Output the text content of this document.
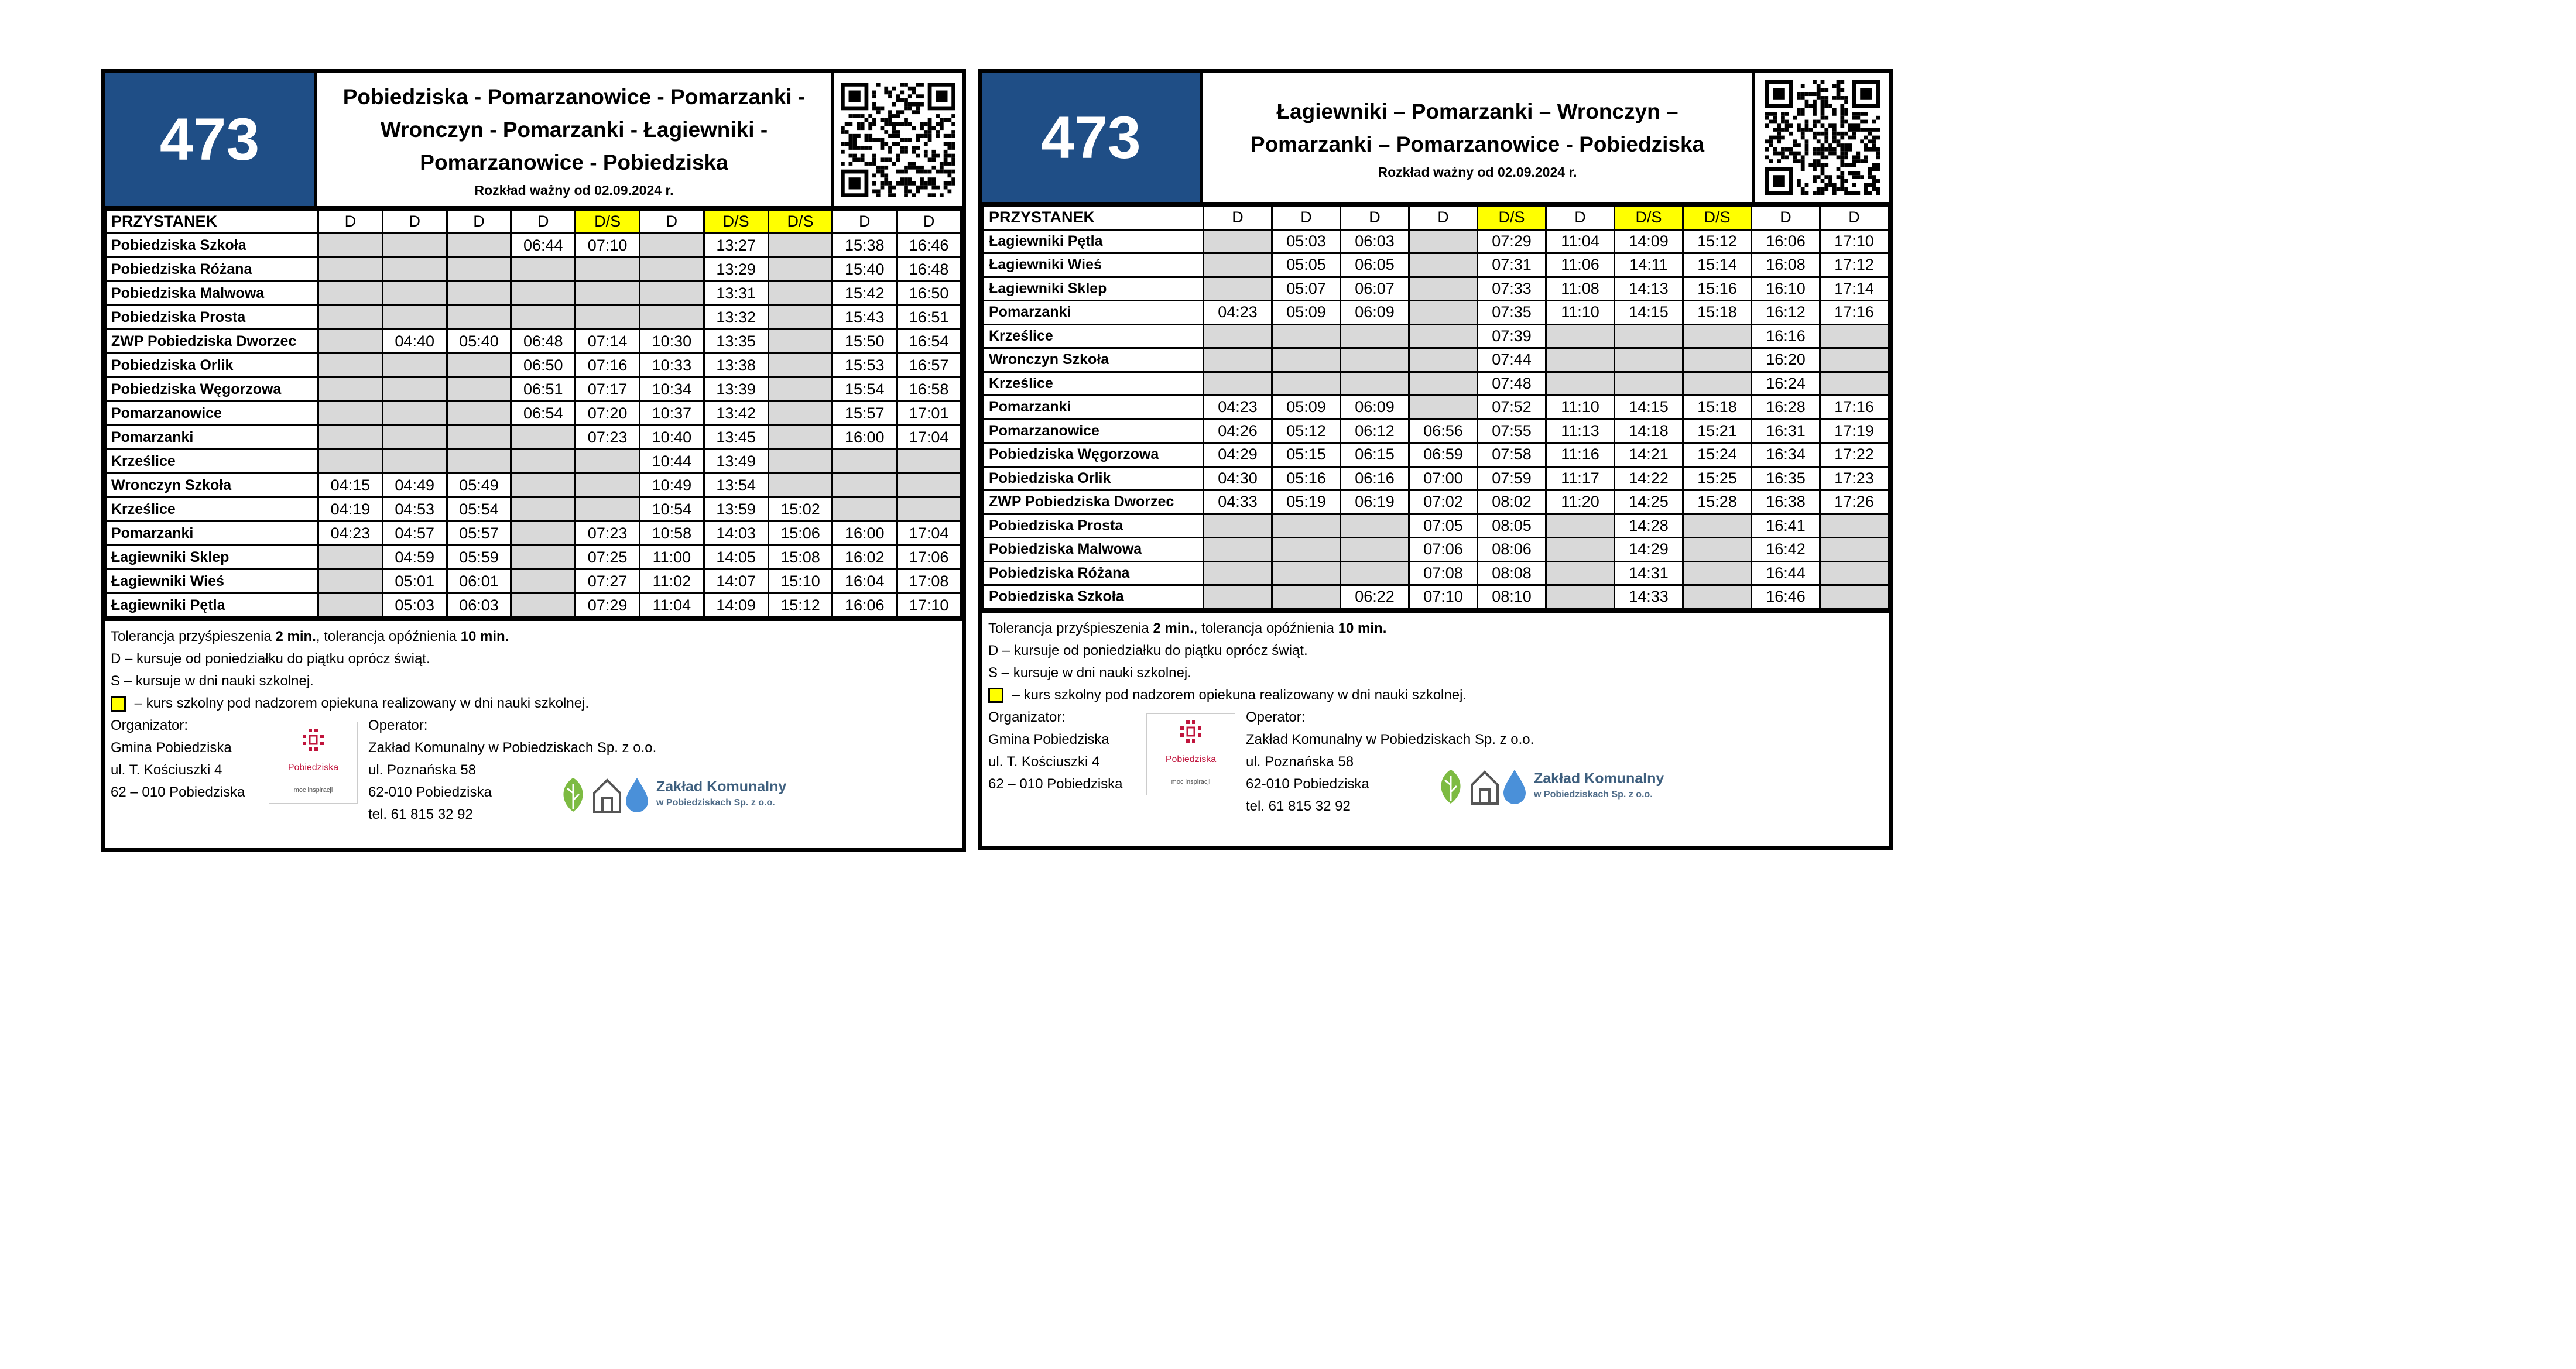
473
Pobiedziska - Pomarzanowice - Pomarzanki -
Wronczyn - Pomarzanki - Łagiewniki -
Pomarzanowice - Pobiedziska
Rozkład ważny od 02.09.2024 r.
PRZYSTANEK	D	D	D	D	D/S	D	D/S	D/S	D	D
Pobiedziska Szkoła				06:44	07:10		13:27		15:38	16:46
Pobiedziska Różana							13:29		15:40	16:48
Pobiedziska Malwowa							13:31		15:42	16:50
Pobiedziska Prosta							13:32		15:43	16:51
ZWP Pobiedziska Dworzec		04:40	05:40	06:48	07:14	10:30	13:35		15:50	16:54
Pobiedziska Orlik				06:50	07:16	10:33	13:38		15:53	16:57
Pobiedziska Węgorzowa				06:51	07:17	10:34	13:39		15:54	16:58
Pomarzanowice				06:54	07:20	10:37	13:42		15:57	17:01
Pomarzanki					07:23	10:40	13:45		16:00	17:04
Krześlice						10:44	13:49			
Wronczyn Szkoła	04:15	04:49	05:49			10:49	13:54			
Krześlice	04:19	04:53	05:54			10:54	13:59	15:02		
Pomarzanki	04:23	04:57	05:57		07:23	10:58	14:03	15:06	16:00	17:04
Łagiewniki Sklep		04:59	05:59		07:25	11:00	14:05	15:08	16:02	17:06
Łagiewniki Wieś		05:01	06:01		07:27	11:02	14:07	15:10	16:04	17:08
Łagiewniki Pętla		05:03	06:03		07:29	11:04	14:09	15:12	16:06	17:10
Tolerancja przyśpieszenia 2 min., tolerancja opóźnienia 10 min.
D – kursuje od poniedziałku do piątku oprócz świąt.
S – kursuje w dni nauki szkolnej.
– kurs szkolny pod nadzorem opiekuna realizowany w dni nauki szkolnej.
Organizator:
Gmina Pobiedziska
ul. T. Kościuszki 4
62 – 010 Pobiedziska
Pobiedziska
moc inspiracji
Operator:
Zakład Komunalny w Pobiedziskach Sp. z o.o.
ul. Poznańska 58
62-010 Pobiedziska
tel. 61 815 32 92
Zakład Komunalny
w Pobiedziskach Sp. z o.o.
473	Łagiewniki – Pomarzanki – Wronczyn –
Pomarzanki – Pomarzanowice - Pobiedziska
Rozkład ważny od 02.09.2024 r.
PRZYSTANEK	D	D	D	D	D/S	D	D/S	D/S	D	D
Łagiewniki Pętla		05:03	06:03		07:29	11:04	14:09	15:12	16:06	17:10
Łagiewniki Wieś		05:05	06:05		07:31	11:06	14:11	15:14	16:08	17:12
Łagiewniki Sklep		05:07	06:07		07:33	11:08	14:13	15:16	16:10	17:14
Pomarzanki	04:23	05:09	06:09		07:35	11:10	14:15	15:18	16:12	17:16
Krześlice					07:39				16:16	
Wronczyn Szkoła					07:44				16:20	
Krześlice					07:48				16:24	
Pomarzanki	04:23	05:09	06:09		07:52	11:10	14:15	15:18	16:28	17:16
Pomarzanowice	04:26	05:12	06:12	06:56	07:55	11:13	14:18	15:21	16:31	17:19
Pobiedziska Węgorzowa	04:29	05:15	06:15	06:59	07:58	11:16	14:21	15:24	16:34	17:22
Pobiedziska Orlik	04:30	05:16	06:16	07:00	07:59	11:17	14:22	15:25	16:35	17:23
ZWP Pobiedziska Dworzec	04:33	05:19	06:19	07:02	08:02	11:20	14:25	15:28	16:38	17:26
Pobiedziska Prosta				07:05	08:05		14:28		16:41	
Pobiedziska Malwowa				07:06	08:06		14:29		16:42	
Pobiedziska Różana				07:08	08:08		14:31		16:44	
Pobiedziska Szkoła			06:22	07:10	08:10		14:33		16:46	
Tolerancja przyśpieszenia 2 min., tolerancja opóźnienia 10 min.
D – kursuje od poniedziałku do piątku oprócz świąt.
S – kursuje w dni nauki szkolnej.
– kurs szkolny pod nadzorem opiekuna realizowany w dni nauki szkolnej.
Organizator:
Gmina Pobiedziska
ul. T. Kościuszki 4
62 – 010 Pobiedziska
Pobiedziska
moc inspiracji
Operator:
Zakład Komunalny w Pobiedziskach Sp. z o.o.
ul. Poznańska 58
62-010 Pobiedziska
tel. 61 815 32 92
Zakład Komunalny
w Pobiedziskach Sp. z o.o.
